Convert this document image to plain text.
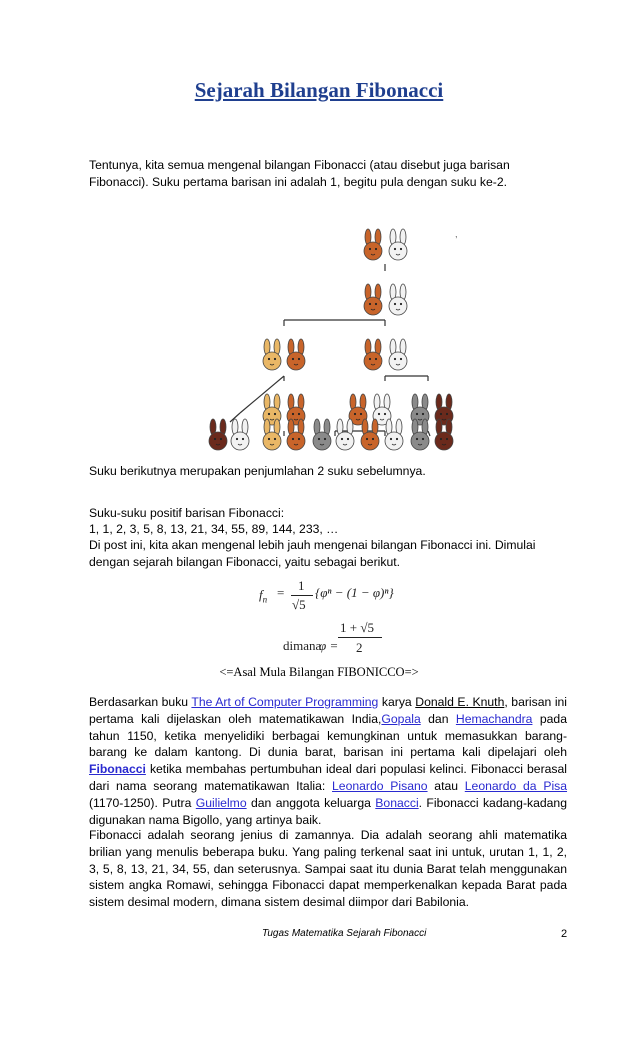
Sejarah Bilangan Fibonacci
Tentunya, kita semua mengenal bilangan Fibonacci (atau disebut juga barisan Fibonacci). Suku pertama barisan ini adalah 1, begitu pula dengan suku ke-2.
,
Suku berikutnya merupakan penjumlahan 2 suku sebelumnya.
Suku-suku positif barisan Fibonacci:
1, 1, 2, 3, 5, 8, 13, 21, 34, 55, 89, 144, 233, …
Di post ini, kita akan mengenal lebih jauh mengenai bilangan Fibonacci ini. Dimulai dengan sejarah bilangan Fibonacci, yaitu sebagai berikut.
$f_n = 1$
√5
{φⁿ − (1 − φ)ⁿ}
1 + √5
dimana
φ = 2
<=Asal Mula Bilangan FIBONICCO=>
Berdasarkan buku The Art of Computer Programming karya Donald E. Knuth, barisan ini pertama kali dijelaskan oleh matematikawan India,Gopala dan Hemachandra pada tahun 1150, ketika menyelidiki berbagai kemungkinan untuk memasukkan barang-barang ke dalam kantong. Di dunia barat, barisan ini pertama kali dipelajari oleh Fibonacci ketika membahas pertumbuhan ideal dari populasi kelinci. Fibonacci berasal dari nama seorang matematikawan Italia: Leonardo Pisano atau Leonardo da Pisa (1170-1250). Putra Guilielmo dan anggota keluarga Bonacci. Fibonacci kadang-kadang digunakan nama Bigollo, yang artinya baik.
Fibonacci adalah seorang jenius di zamannya. Dia adalah seorang ahli matematika brilian yang menulis beberapa buku. Yang paling terkenal saat ini untuk, urutan 1, 1, 2, 3, 5, 8, 13, 21, 34, 55, dan seterusnya. Sampai saat itu dunia Barat telah menggunakan sistem angka Romawi, sehingga Fibonacci dapat memperkenalkan kepada Barat pada sistem desimal modern, dimana sistem desimal diimpor dari Babilonia.
Tugas Matematika Sejarah Fibonacci	2
